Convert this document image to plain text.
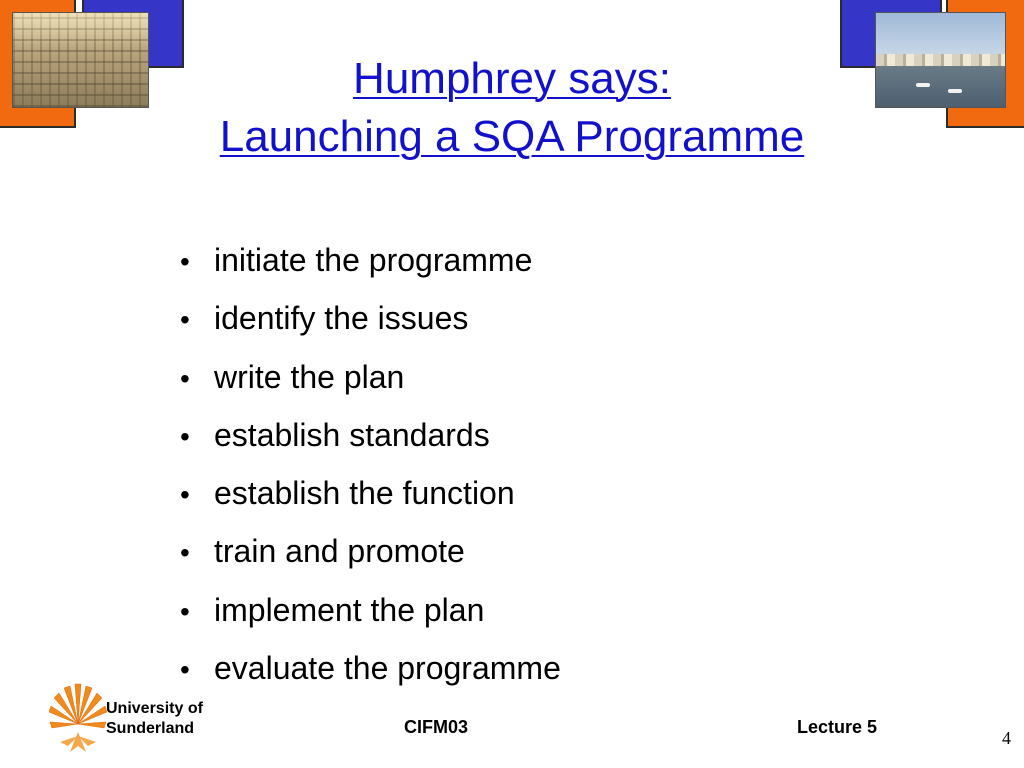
Humphrey says:
Launching a SQA Programme
• initiate the programme
• identify the issues
• write the plan
• establish standards
• establish the function
• train and promote
• implement the plan
• evaluate the programme
University of
Sunderland	CIFM03	Lecture 5
4
